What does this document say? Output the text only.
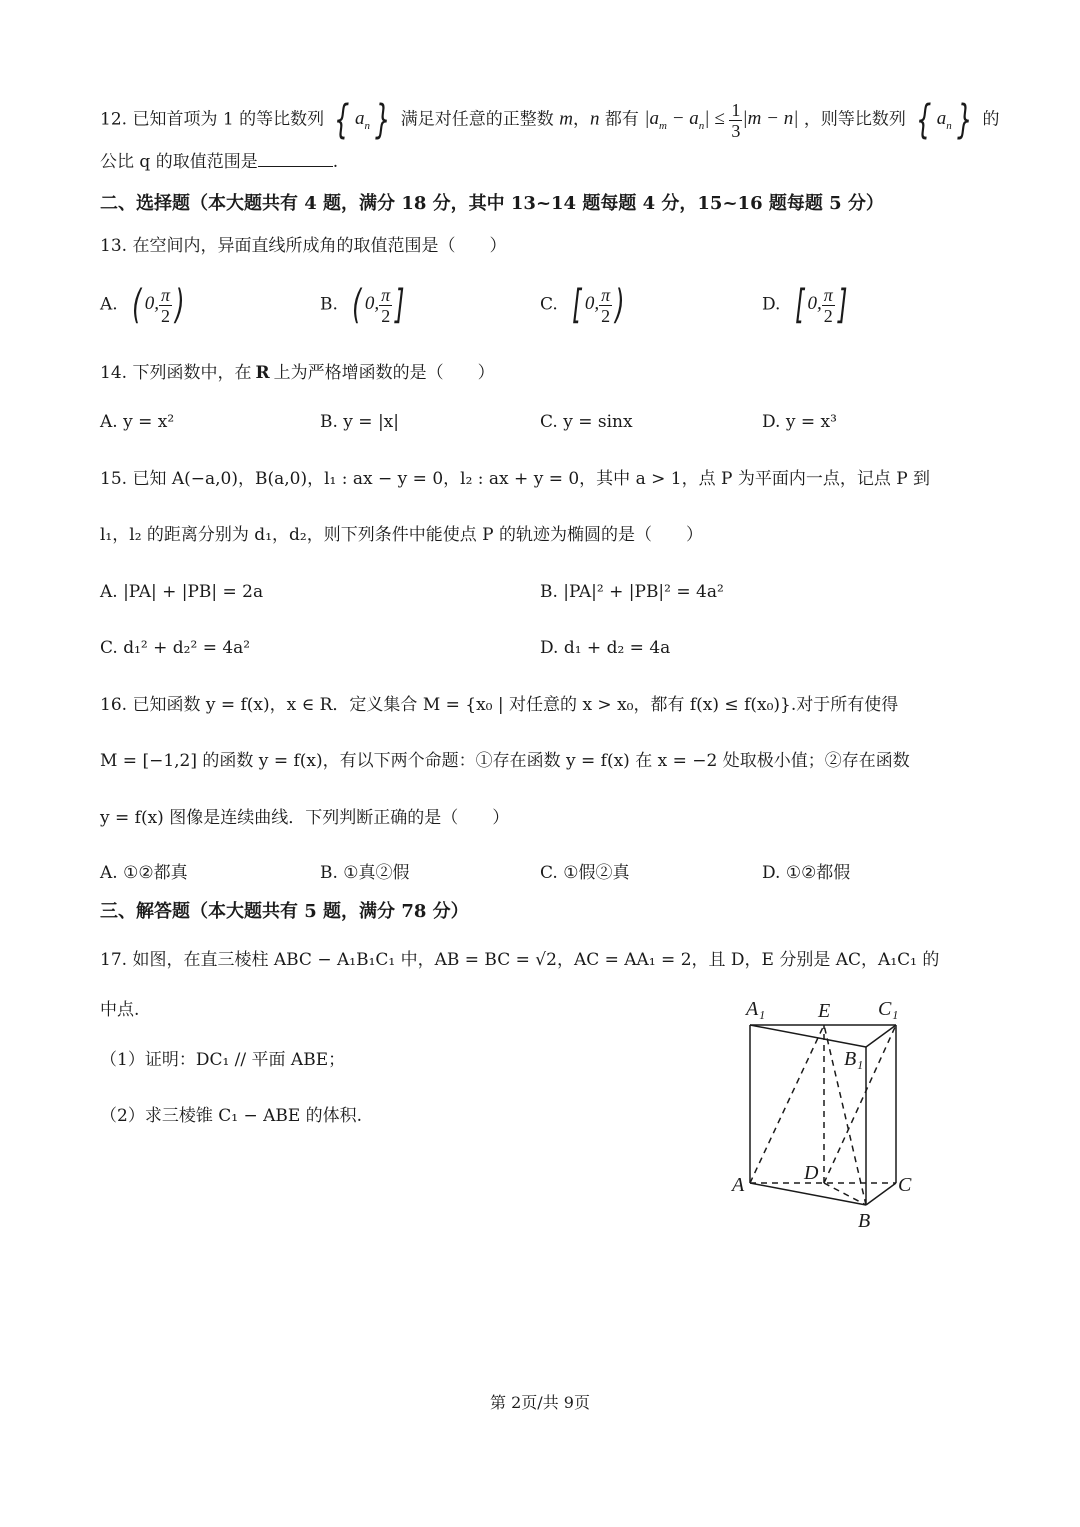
12. 已知首项为 1 的等比数列 { $a_n$ } 满足对任意的正整数 m，n 都有 $|a_m - a_n| \le \frac{1}{3} |m - n|$ ，则等比数列 { $a_n$ } 的
公比 q 的取值范围是	.
二、选择题（本大题共有 4 题，满分 18 分，其中 13~14 题每题 4 分，15~16 题每题 5 分）
13. 在空间内，异面直线所成角的取值范围是（　　）
A. ( 0, $\frac{\pi}{2}$ )	B. ( 0, $\frac{\pi}{2}$ ]	C. [ 0, $\frac{\pi}{2}$ )	D. [ 0, $\frac{\pi}{2}$ ]
14. 下列函数中，在 R 上为严格增函数的是（　　）
A. y = x²	B. y = |x|	C. y = sinx	D. y = x³
15. 已知 A(−a,0)，B(a,0)，l₁ : ax − y = 0，l₂ : ax + y = 0，其中 a > 1，点 P 为平面内一点，记点 P 到
l₁，l₂ 的距离分别为 d₁，d₂，则下列条件中能使点 P 的轨迹为椭圆的是（　　）
A. |PA| + |PB| = 2a	B. |PA|² + |PB|² = 4a²
C. d₁² + d₂² = 4a²	D. d₁ + d₂ = 4a
16. 已知函数 y = f(x)，x ∈ R．定义集合 M = {x₀ | 对任意的 x > x₀，都有 f(x) ≤ f(x₀)}.对于所有使得
M = [−1,2] 的函数 y = f(x)，有以下两个命题：①存在函数 y = f(x) 在 x = −2 处取极小值；②存在函数
y = f(x) 图像是连续曲线．下列判断正确的是（　　）
A. ①②都真	B. ①真②假	C. ①假②真	D. ①②都假
三、解答题（本大题共有 5 题，满分 78 分）
17. 如图，在直三棱柱 ABC − A₁B₁C₁ 中，AB = BC = √2，AC = AA₁ = 2，且 D，E 分别是 AC，A₁C₁ 的
中点.
（1）证明：DC₁ // 平面 ABE；
（2）求三棱锥 C₁ − ABE 的体积.
A₁	E C₁
B₁
D
A	C
B
第 2页/共 9页
